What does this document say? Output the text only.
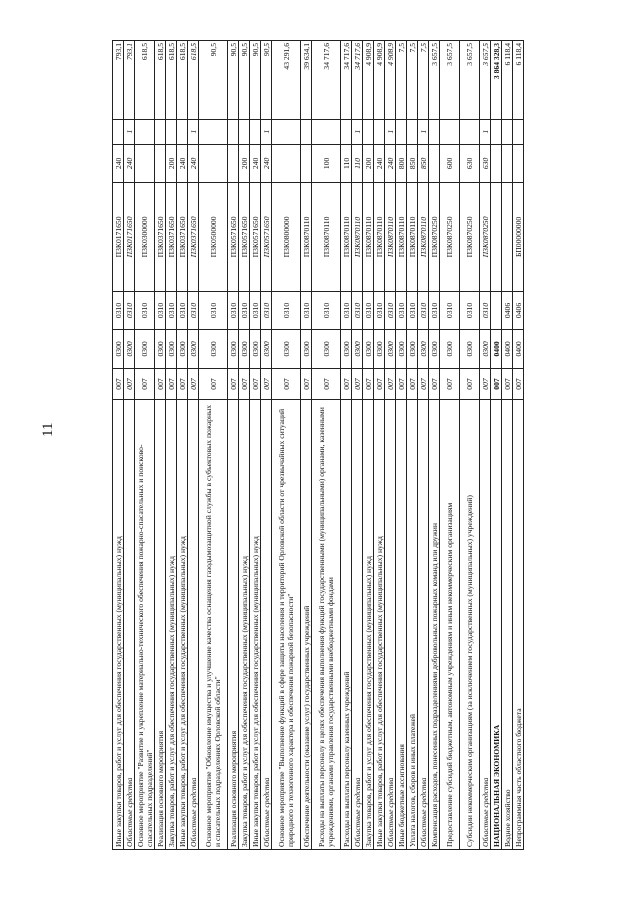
11
Иные закупки товаров, работ и услуг для обеспечения государственных (муниципальных) нужд	007	0300	0310	П3К0171650	240		793,1
Областные средства	007	0300	0310	П3К0171650	240	1	793,1
Основное мероприятие "Развитие и укрепление материально-технического обеспечения пожарно-спасательных и поисково-спасательных подразделений"	007	0300	0310	П3К0300000			618,5
Реализация основного мероприятия	007	0300	0310	П3К0371650			618,5
Закупка товаров, работ и услуг для обеспечения государственных (муниципальных) нужд	007	0300	0310	П3К0371650	200		618,5
Иные закупки товаров, работ и услуг для обеспечения государственных (муниципальных) нужд	007	0300	0310	П3К0371650	240		618,5
Областные средства	007	0300	0310	П3К0371650	240	1	618,5
Основное мероприятие "Обновление имущества и улучшение качества оснащения газодымозащитной службы в субъектовых пожарных и спасательных подразделениях Орловской области"	007	0300	0310	П3К0500000			90,5
Реализация основного мероприятия	007	0300	0310	П3К0571650			90,5
Закупка товаров, работ и услуг для обеспечения государственных (муниципальных) нужд	007	0300	0310	П3К0571650	200		90,5
Иные закупки товаров, работ и услуг для обеспечения государственных (муниципальных) нужд	007	0300	0310	П3К0571650	240		90,5
Областные средства	007	0300	0310	П3К0571650	240	1	90,5
Основное мероприятие "Выполнение функций в сфере защиты населения и территорий Орловской области от чрезвычайных ситуаций природного и техногенного характера и обеспечения пожарной безопасности"	007	0300	0310	П3К0800000			43 291,6
Обеспечение деятельности (оказание услуг) государственных учреждений	007	0300	0310	П3К0870110			39 634,1
Расходы на выплаты персоналу в целях обеспечения выполнения функций государственными (муниципальными) органами, казенными учреждениями, органами управления государственными внебюджетными фондами	007	0300	0310	П3К0870110	100		34 717,6
Расходы на выплаты персоналу казенных учреждений	007	0300	0310	П3К0870110	110		34 717,6
Областные средства	007	0300	0310	П3К0870110	110	1	34 717,6
Закупка товаров, работ и услуг для обеспечения государственных (муниципальных) нужд	007	0300	0310	П3К0870110	200		4 908,9
Иные закупки товаров, работ и услуг для обеспечения государственных (муниципальных) нужд	007	0300	0310	П3К0870110	240		4 908,9
Областные средства	007	0300	0310	П3К0870110	240	1	4 908,9
Иные бюджетные ассигнования	007	0300	0310	П3К0870110	800		7,5
Уплата налогов, сборов и иных платежей	007	0300	0310	П3К0870110	850		7,5
Областные средства	007	0300	0310	П3К0870110	850	1	7,5
Компенсация расходов, понесенных подразделениями добровольных пожарных команд или дружин	007	0300	0310	П3К0870250			3 657,5
Предоставление субсидий бюджетным, автономным учреждениям и иным некоммерческим организациям	007	0300	0310	П3К0870250	600		3 657,5
Субсидии некоммерческим организациям (за исключением государственных (муниципальных) учреждений)	007	0300	0310	П3К0870250	630		3 657,5
Областные средства	007	0300	0310	П3К0870250	630	1	3 657,5
НАЦИОНАЛЬНАЯ ЭКОНОМИКА	007	0400					3 864 328,3
Водное хозяйство	007	0400	0406				6 118,4
Непрограммная часть областного бюджета	007	0400	0406	БП00000000			6 118,4
